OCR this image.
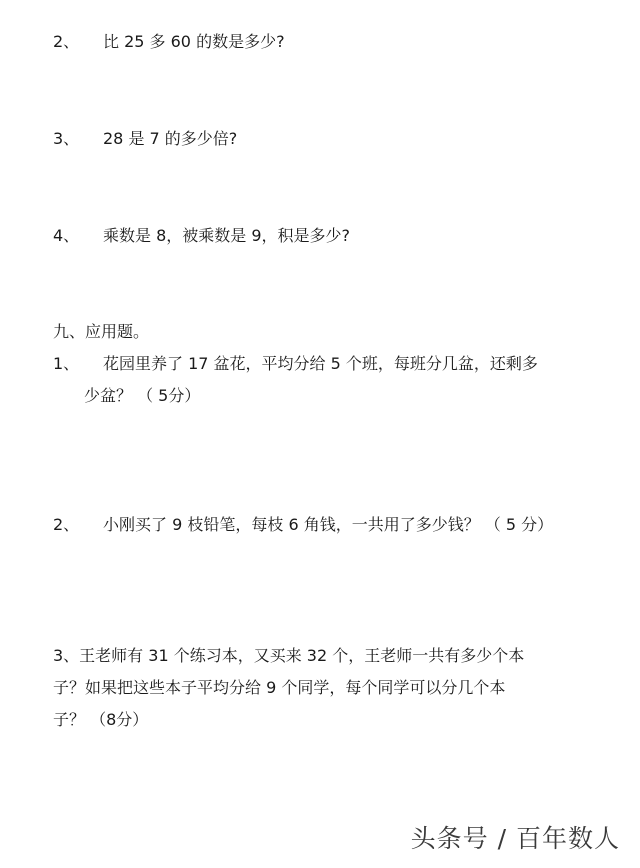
2、 比 25 多 60 的数是多少?
3、 28 是 7 的多少倍?
4、 乘数是 8，被乘数是 9，积是多少?
九、应用题。
1、 花园里养了 17 盆花，平均分给 5 个班，每班分几盆，还剩多
少盆？ （ 5分）
2、 小刚买了 9 枝铅笔，每枝 6 角钱，一共用了多少钱？ （ 5 分）
3、王老师有 31 个练习本，又买来 32 个，王老师一共有多少个本
子？如果把这些本子平均分给 9 个同学，每个同学可以分几个本
子？ （8分）
头条号 / 百年数人
